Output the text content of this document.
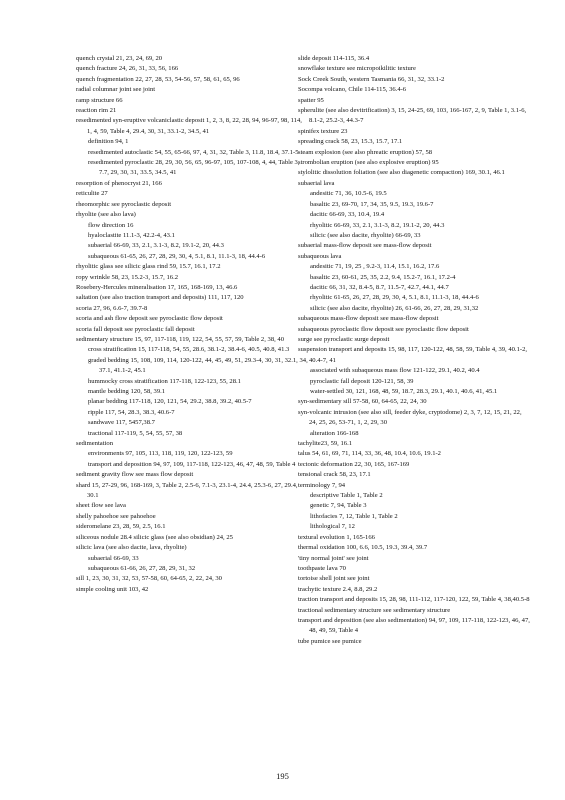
quench crystal 21, 23, 24, 69, 20

quench fracture 24, 26, 31, 33, 56, 166

quench fragmentation 22, 27, 28, 53, 54-56, 57, 58, 61, 65, 96

radial columnar joint see joint

ramp structure 66

reaction rim 21

resedimented syn-eruptive volcaniclastic deposit 1, 2, 3, 8, 22, 28, 94, 96-97, 98, 114, 1, 4, 59, Table 4, 29.4, 30, 31, 33.1-2, 34.5, 41

definition 94, 1

resedimented autoclastic 54, 55, 65-66, 97, 4, 31, 32, Table 3, 11.8, 18.4, 37.1-5

resedimented pyroclastic 28, 29, 30, 56, 65, 96-97, 105, 107-108, 4, 44, Table 3, 7.7, 29, 30, 31, 33.5, 34.5, 41

resorption of phenocryst 21, 166

reticulite 27

rheomorphic see pyroclastic deposit

rhyolite (see also lava)

flow direction 16

hyaloclastite 11.1-3, 42.2-4, 43.1

subaerial 66-69, 33, 2.1, 3.1-3, 8.2, 19.1-2, 20, 44.3

subaqueous 61-65, 26, 27, 28, 29, 30, 4, 5.1, 8.1, 11.1-3, 18, 44.4-6

rhyolitic glass see silicic glass rind 59, 15.7, 16.1, 17.2

ropy wrinkle 58, 23, 15.2-3, 15.7, 16.2

Rosebery-Hercules mineralisation 17, 165, 168-169, 13, 46.6

saltation (see also traction transport and deposits) 111, 117, 120

scoria 27, 96, 6.6-7, 39.7-8

scoria and ash flow deposit see pyroclastic flow deposit

scoria fall deposit see pyroclastic fall deposit

sedimentary structure 15, 97, 117-118, 119, 122, 54, 55, 57, 59, Table 2, 38, 40

cross stratification 15, 117-118, 54, 55, 28.6, 38.1-2, 38.4-6, 40.5, 40.8, 41.3

graded bedding 15, 108, 109, 114, 120-122, 44, 45, 49, 51, 29.3-4, 30, 31, 32.1, 34, 37.1, 41.1-2, 45.1

hummocky cross stratification 117-118, 122-123, 55, 28.1

mantle bedding 120, 58, 39.1

planar bedding 117-118, 120, 121, 54, 29.2, 38.8, 39.2, 40.5-7

ripple 117, 54, 28.3, 38.3, 40.6-7

sandwave 117, 5457,38.7

tractional 117-119, 5, 54, 55, 57, 38

sedimentation

environments 97, 105, 113, 118, 119, 120, 122-123, 59

transport and deposition 94, 97, 109, 117-118, 122-123, 46, 47, 48, 59, Table 4

sediment gravity flow see mass flow deposit

shard 15, 27-29, 96, 168-169, 3, Table 2, 2.5-6, 7.1-3, 23.1-4, 24.4, 25.3-6, 27, 29.4, 30.1

sheet flow see lava

shelly pahoehoe see pahoehoe

sideromelane 23, 28, 59, 2.5, 16.1

siliceous nodule 28.4 silicic glass (see also obsidian) 24, 25

silicic lava (see also dacite, lava, rhyolite)

subaerial 66-69, 33

subaqueous 61-66, 26, 27, 28, 29, 31, 32

sill 1, 23, 30, 31, 32, 53, 57-58, 60, 64-65, 2, 22, 24, 30

simple cooling unit 103, 42

slide deposit 114-115, 36.4

snowflake texture see micropoikilitic texture

Sock Creek South, western Tasmania 66, 31, 32, 33.1-2

Socompa volcano, Chile 114-115, 36.4-6

spatter 95

spherulite (see also devitrification) 3, 15, 24-25, 69, 103, 166-167, 2, 9, Table 1, 3.1-6, 8.1-2, 25.2-3, 44.3-7

spinifex texture 23

spreading crack 58, 23, 15.3, 15.7, 17.1

steam explosion (see also phreatic eruption) 57, 58

strombolian eruption (see also explosive eruption) 95

stylolitic dissolution foliation (see also diagenetic compaction) 169, 30.1, 46.1

subaerial lava

andesitic 71, 36, 10.5-6, 19.5

basaltic 23, 69-70, 17, 34, 35, 9.5, 19.3, 19.6-7

dacitic 66-69, 33, 10.4, 19.4

rhyolitic 66-69, 33, 2.1, 3.1-3, 8.2, 19.1-2, 20, 44.3

silicic (see also dacite, rhyolite) 66-69, 33

subaerial mass-flow deposit see mass-flow deposit

subaqueous lava

andesitic 71, 19, 25 , 9.2-3, 11.4, 15.1, 16.2, 17.6

basaltic 23, 60-61, 25, 35, 2.2, 9.4, 15.2-7, 16.1, 17.2-4

dacitic 66, 31, 32, 8.4-5, 8.7, 11.5-7, 42.7, 44.1, 44.7

rhyolitic 61-65, 26, 27, 28, 29, 30, 4, 5.1, 8.1, 11.1-3, 18, 44.4-6

silicic (see also dacite, rhyolite) 26, 61-66, 26, 27, 28, 29, 31,32

subaqueous mass-flow deposit see mass-flow deposit

subaqueous pyroclastic flow deposit see pyroclastic flow deposit

surge see pyroclastic surge deposit

suspension transport and deposits 15, 98, 117, 120-122, 48, 58, 59, Table 4, 39, 40.1-2, 40.4-7, 41

associated with subaqueous mass flow 121-122, 29.1, 40.2, 40.4

pyroclastic fall deposit 120-121, 58, 39

water-settled 30, 121, 168, 48, 59, 18.7, 28.3, 29.1, 40.1, 40.6, 41, 45.1

syn-sedimentary sill 57-58, 60, 64-65, 22, 24, 30

syn-volcanic intrusion (see also sill, feeder dyke, cryptodome) 2, 3, 7, 12, 15, 21, 22, 24, 25, 26, 53-71, 1, 2, 29, 30

alteration 166-168

tachylite23, 59, 16.1

talus 54, 61, 69, 71, 114, 33, 36, 48, 10.4, 10.6, 19.1-2

tectonic deformation 22, 30, 165, 167-169

tensional crack 58, 23, 17.1

terminology 7, 94

descriptive Table 1, Table 2

genetic 7, 94, Table 3

lithofacies 7, 12, Table 1, Table 2

lithological 7, 12

textural evolution 1, 165-166

thermal oxidation 100, 6.6, 10.5, 19.3, 39.4, 39.7

'tiny normal joint' see joint

toothpaste lava 70

tortoise shell joint see joint

trachytic texture 2.4, 8.8, 29.2

traction transport and deposits 15, 28, 98, 111-112, 117-120, 122, 59, Table 4, 38,40.5-8

tractional sedimentary structure see sedimentary structure

transport and deposition (see also sedimentation) 94, 97, 109, 117-118, 122-123, 46, 47, 48, 49, 59, Table 4

tube pumice see pumice

195
